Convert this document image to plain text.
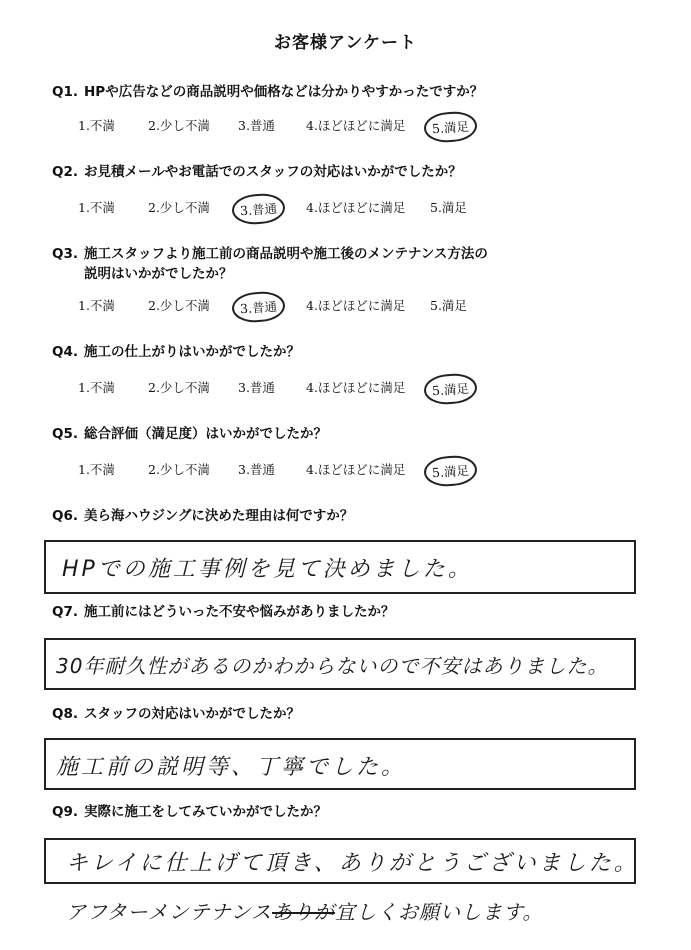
お客様アンケート
Q1. HPや広告などの商品説明や価格などは分かりやすかったですか？
1.不満	2.少し不満	3.普通	4.ほどほどに満足	5.満足
Q2. お見積メールやお電話でのスタッフの対応はいかがでしたか？
1.不満	2.少し不満	3.普通	4.ほどほどに満足	5.満足
Q3. 施工スタッフより施工前の商品説明や施工後のメンテナンス方法の
説明はいかがでしたか？
1.不満	2.少し不満	3.普通	4.ほどほどに満足	5.満足
Q4. 施工の仕上がりはいかがでしたか？
1.不満	2.少し不満	3.普通	4.ほどほどに満足	5.満足
Q5. 総合評価（満足度）はいかがでしたか？
1.不満	2.少し不満	3.普通	4.ほどほどに満足	5.満足
Q6. 美ら海ハウジングに決めた理由は何ですか？
HPでの施工事例を見て決めました。
Q7. 施工前にはどういった不安や悩みがありましたか？
30年耐久性があるのかわからないので不安はありました。
Q8. スタッフの対応はいかがでしたか？
施工前の説明等、丁寧でした。
Q9. 実際に施工をしてみていかがでしたか？
キレイに仕上げて頂き、ありがとうございました。
アフターメンテナンスありが宜しくお願いします。
